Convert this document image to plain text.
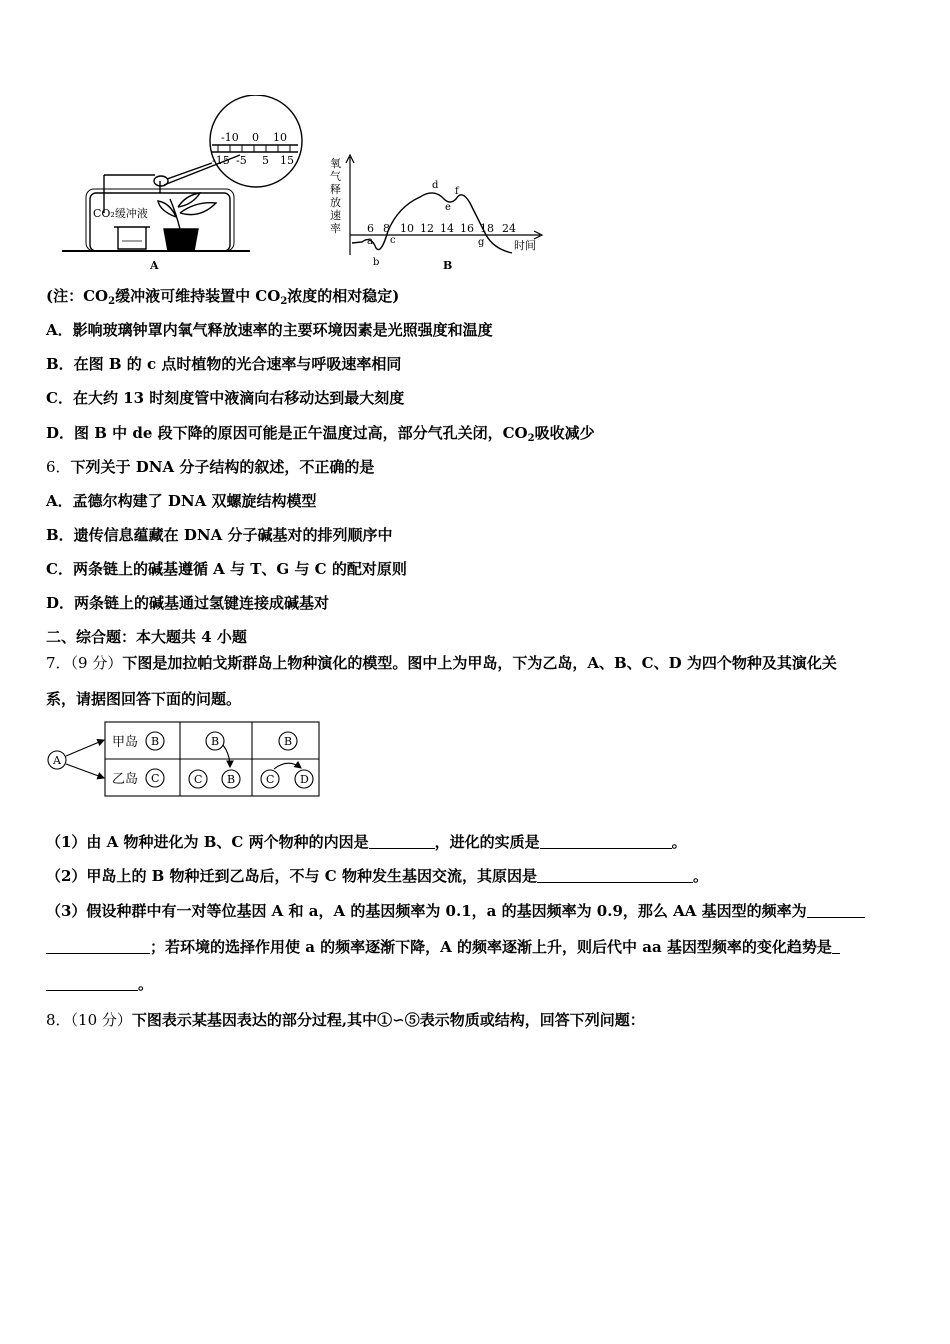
-10 0 10
-15 -5 5 15
CO₂缓冲液
A
氧
气
释
放
速
率 6 8 10 12 14 16 18 24
时间
a
b
c
d
e
f
g
B
(注：$CO_2$缓冲液可维持装置中 $CO_2$浓度的相对稳定)
A．影响玻璃钟罩内氧气释放速率的主要环境因素是光照强度和温度
B．在图 B 的 c 点时植物的光合速率与呼吸速率相同
C．在大约 13 时刻度管中液滴向右移动达到最大刻度
D．图 B 中 de 段下降的原因可能是正午温度过高，部分气孔关闭，$CO_2$吸收减少
6．下列关于 DNA 分子结构的叙述，不正确的是
A．孟德尔构建了 DNA 双螺旋结构模型
B．遗传信息蕴藏在 DNA 分子碱基对的排列顺序中
C．两条链上的碱基遵循 A 与 T、G 与 C 的配对原则
D．两条链上的碱基通过氢键连接成碱基对
二、综合题：本大题共 4 小题
7．（9 分）下图是加拉帕戈斯群岛上物种演化的模型。图中上为甲岛，下为乙岛，A、B、C、D 为四个物种及其演化关
系，请据图回答下面的问题。
甲岛
乙岛
A
B
C
B
C B
B
C D
（1）由 A 物种进化为 B、C 两个物种的内因是	，进化的实质是	。
（2）甲岛上的 B 物种迁到乙岛后，不与 C 物种发生基因交流，其原因是	。
（3）假设种群中有一对等位基因 A 和 a，A 的基因频率为 0.1，a 的基因频率为 0.9，那么 AA 基因型的频率为
；若环境的选择作用使 a 的频率逐渐下降，A 的频率逐渐上升，则后代中 aa 基因型频率的变化趋势是
。
8．（10 分）下图表示某基因表达的部分过程,其中①∽⑤表示物质或结构，回答下列问题：
